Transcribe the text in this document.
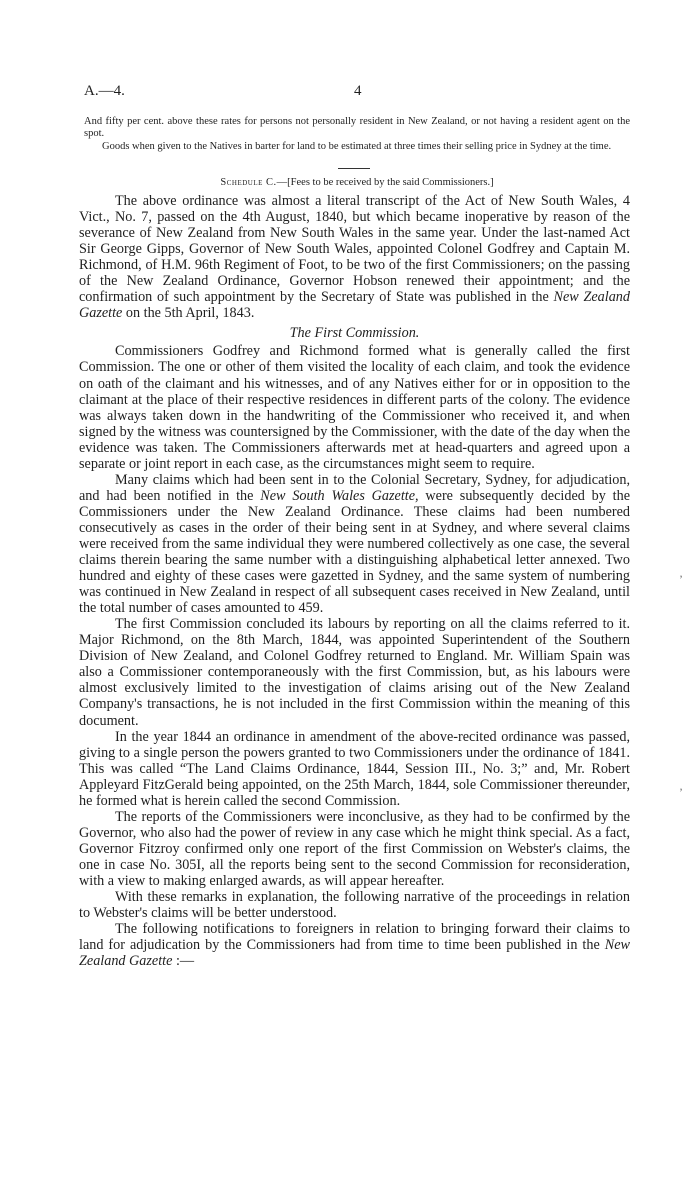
A.—4.	4

And fifty per cent. above these rates for persons not personally resident in New Zealand, or not having a resident agent on the spot.

Goods when given to the Natives in barter for land to be estimated at three times their selling price in Sydney at the time.

Schedule C.—[Fees to be received by the said Commissioners.]

The above ordinance was almost a literal transcript of the Act of New South Wales, 4 Vict., No. 7, passed on the 4th August, 1840, but which became inoperative by reason of the severance of New Zealand from New South Wales in the same year. Under the last-named Act Sir George Gipps, Governor of New South Wales, appointed Colonel Godfrey and Captain M. Richmond, of H.M. 96th Regiment of Foot, to be two of the first Commissioners; on the passing of the New Zealand Ordinance, Governor Hobson renewed their appointment; and the confirmation of such appointment by the Secretary of State was published in the New Zealand Gazette on the 5th April, 1843.

The First Commission.

Commissioners Godfrey and Richmond formed what is generally called the first Commission. The one or other of them visited the locality of each claim, and took the evidence on oath of the claimant and his witnesses, and of any Natives either for or in opposition to the claimant at the place of their respective residences in different parts of the colony. The evidence was always taken down in the handwriting of the Commissioner who received it, and when signed by the witness was countersigned by the Commissioner, with the date of the day when the evidence was taken. The Commissioners afterwards met at head-quarters and agreed upon a separate or joint report in each case, as the circumstances might seem to require.

Many claims which had been sent in to the Colonial Secretary, Sydney, for adjudication, and had been notified in the New South Wales Gazette, were subsequently decided by the Commissioners under the New Zealand Ordinance. These claims had been numbered consecutively as cases in the order of their being sent in at Sydney, and where several claims were received from the same individual they were numbered collectively as one case, the several claims therein bearing the same number with a distinguishing alphabetical letter annexed. Two hundred and eighty of these cases were gazetted in Sydney, and the same system of numbering was continued in New Zealand in respect of all subsequent cases received in New Zealand, until the total number of cases amounted to 459.

The first Commission concluded its labours by reporting on all the claims referred to it. Major Richmond, on the 8th March, 1844, was appointed Superintendent of the Southern Division of New Zealand, and Colonel Godfrey returned to England. Mr. William Spain was also a Commissioner contemporaneously with the first Commission, but, as his labours were almost exclusively limited to the investigation of claims arising out of the New Zealand Company's transactions, he is not included in the first Commission within the meaning of this document.

In the year 1844 an ordinance in amendment of the above-recited ordinance was passed, giving to a single person the powers granted to two Commissioners under the ordinance of 1841. This was called “The Land Claims Ordinance, 1844, Session III., No. 3;” and, Mr. Robert Appleyard FitzGerald being appointed, on the 25th March, 1844, sole Commissioner thereunder, he formed what is herein called the second Commission.

The reports of the Commissioners were inconclusive, as they had to be confirmed by the Governor, who also had the power of review in any case which he might think special. As a fact, Governor Fitzroy confirmed only one report of the first Commission on Webster's claims, the one in case No. 305I, all the reports being sent to the second Commission for reconsideration, with a view to making enlarged awards, as will appear hereafter.

With these remarks in explanation, the following narrative of the proceedings in relation to Webster's claims will be better understood.

The following notifications to foreigners in relation to bringing forward their claims to land for adjudication by the Commissioners had from time to time been published in the New Zealand Gazette :—

’
’
